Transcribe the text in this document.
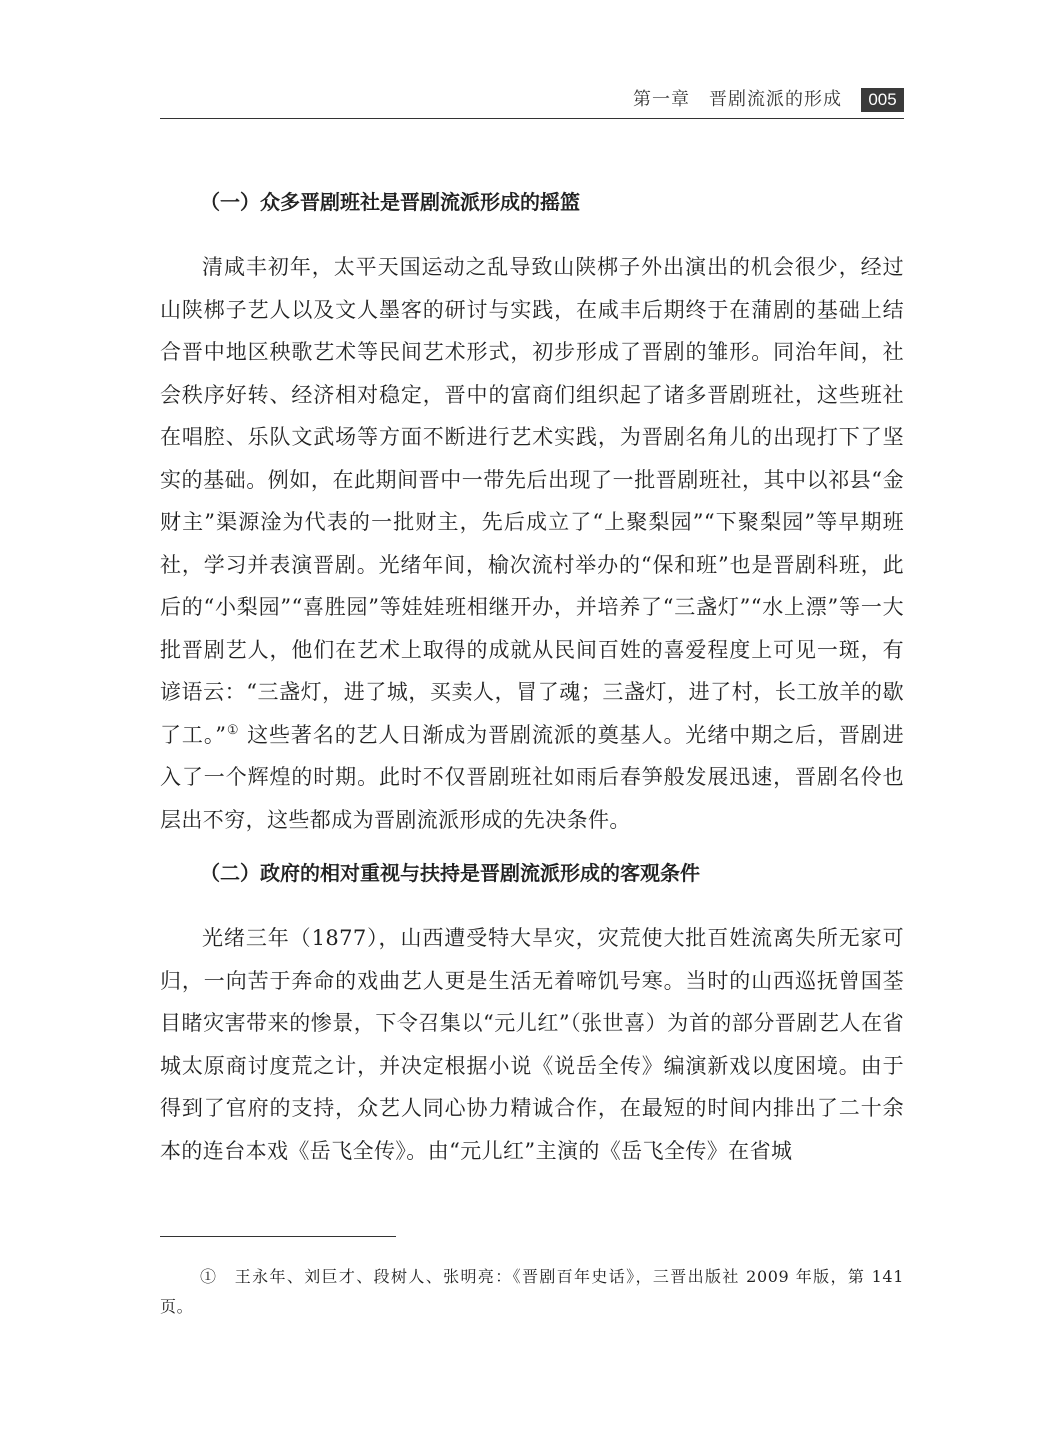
第一章　晋剧流派的形成	005
（一）众多晋剧班社是晋剧流派形成的摇篮

清咸丰初年，太平天国运动之乱导致山陕梆子外出演出的机会很少，经过山陕梆子艺人以及文人墨客的研讨与实践，在咸丰后期终于在蒲剧的基础上结合晋中地区秧歌艺术等民间艺术形式，初步形成了晋剧的雏形。同治年间，社会秩序好转、经济相对稳定，晋中的富商们组织起了诸多晋剧班社，这些班社在唱腔、乐队文武场等方面不断进行艺术实践，为晋剧名角儿的出现打下了坚实的基础。例如，在此期间晋中一带先后出现了一批晋剧班社，其中以祁县“金财主”渠源淦为代表的一批财主，先后成立了“上聚梨园”“下聚梨园”等早期班社，学习并表演晋剧。光绪年间，榆次流村举办的“保和班”也是晋剧科班，此后的“小梨园”“喜胜园”等娃娃班相继开办，并培养了“三盏灯”“水上漂”等一大批晋剧艺人，他们在艺术上取得的成就从民间百姓的喜爱程度上可见一斑，有谚语云：“三盏灯，进了城，买卖人，冒了魂；三盏灯，进了村，长工放羊的歇了工。”① 这些著名的艺人日渐成为晋剧流派的奠基人。光绪中期之后，晋剧进入了一个辉煌的时期。此时不仅晋剧班社如雨后春笋般发展迅速，晋剧名伶也层出不穷，这些都成为晋剧流派形成的先决条件。

（二）政府的相对重视与扶持是晋剧流派形成的客观条件

光绪三年（1877），山西遭受特大旱灾，灾荒使大批百姓流离失所无家可归，一向苦于奔命的戏曲艺人更是生活无着啼饥号寒。当时的山西巡抚曾国荃目睹灾害带来的惨景，下令召集以“元儿红”（张世喜）为首的部分晋剧艺人在省城太原商讨度荒之计，并决定根据小说《说岳全传》编演新戏以度困境。由于得到了官府的支持，众艺人同心协力精诚合作，在最短的时间内排出了二十余本的连台本戏《岳飞全传》。由“元儿红”主演的《岳飞全传》在省城

①　王永年、刘巨才、段树人、张明亮：《晋剧百年史话》，三晋出版社 2009 年版，第 141 页。
